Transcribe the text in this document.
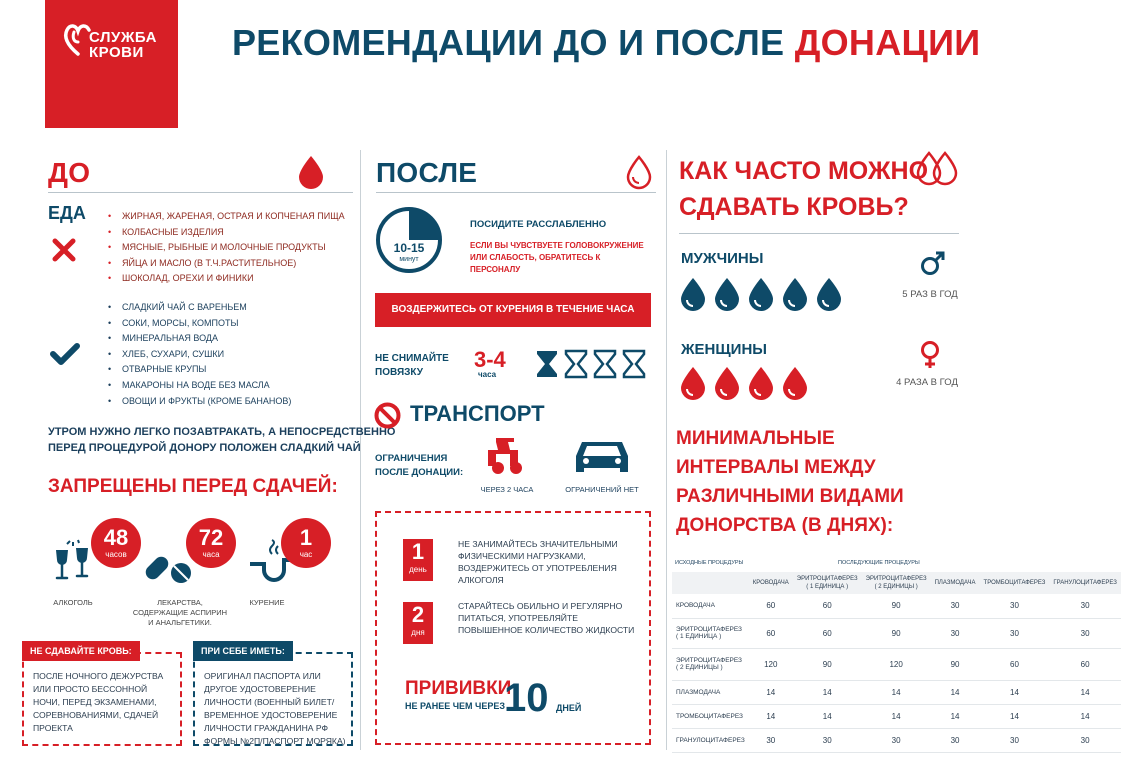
СЛУЖБА
КРОВИ	РЕКОМЕНДАЦИИ ДО И ПОСЛЕ ДОНАЦИИ
ДО
ЕДА	• ЖИРНАЯ, ЖАРЕНАЯ, ОСТРАЯ И КОПЧЕНАЯ ПИЩА
• КОЛБАСНЫЕ ИЗДЕЛИЯ
• МЯСНЫЕ, РЫБНЫЕ И МОЛОЧНЫЕ ПРОДУКТЫ
• ЯЙЦА И МАСЛО (В Т.Ч.РАСТИТЕЛЬНОЕ)
• ШОКОЛАД, ОРЕХИ И ФИНИКИ
• СЛАДКИЙ ЧАЙ С ВАРЕНЬЕМ
• СОКИ, МОРСЫ, КОМПОТЫ
• МИНЕРАЛЬНАЯ ВОДА
• ХЛЕБ, СУХАРИ, СУШКИ
• ОТВАРНЫЕ КРУПЫ
• МАКАРОНЫ НА ВОДЕ БЕЗ МАСЛА
• ОВОЩИ И ФРУКТЫ (КРОМЕ БАНАНОВ)
УТРОМ НУЖНО ЛЕГКО ПОЗАВТРАКАТЬ, А НЕПОСРЕДСТВЕННО
ПЕРЕД ПРОЦЕДУРОЙ ДОНОРУ ПОЛОЖЕН СЛАДКИЙ ЧАЙ
ЗАПРЕЩЕНЫ ПЕРЕД СДАЧЕЙ:
48
часов
АЛКОГОЛЬ
72
часа
ЛЕКАРСТВА, СОДЕРЖАЩИЕ АСПИРИН И АНАЛЬГЕТИКИ.
1
час
КУРЕНИЕ
НЕ СДАВАЙТЕ КРОВЬ:
ПОСЛЕ НОЧНОГО ДЕЖУРСТВА ИЛИ ПРОСТО БЕССОННОЙ НОЧИ, ПЕРЕД ЭКЗАМЕНАМИ, СОРЕВНОВАНИЯМИ, СДАЧЕЙ ПРОЕКТА
ПРИ СЕБЕ ИМЕТЬ:
ОРИГИНАЛ ПАСПОРТА ИЛИ ДРУГОЕ УДОСТОВЕРЕНИЕ ЛИЧНОСТИ (ВОЕННЫЙ БИЛЕТ/ ВРЕМЕННОЕ УДОСТОВЕРЕНИЕ ЛИЧНОСТИ ГРАЖДАНИНА РФ ФОРМЫ №2П/ПАСПОРТ МОРЯКА)
ПОСЛЕ
10-15
минут
ПОСИДИТЕ РАССЛАБЛЕННО
ЕСЛИ ВЫ ЧУВСТВУЕТЕ ГОЛОВОКРУЖЕНИЕ ИЛИ СЛАБОСТЬ, ОБРАТИТЕСЬ К ПЕРСОНАЛУ
ВОЗДЕРЖИТЕСЬ ОТ КУРЕНИЯ В ТЕЧЕНИЕ ЧАСА
НЕ СНИМАЙТЕ
ПОВЯЗКУ
3-4
часа
ТРАНСПОРТ
ОГРАНИЧЕНИЯ
ПОСЛЕ ДОНАЦИИ:
ЧЕРЕЗ 2 ЧАСА	ОГРАНИЧЕНИЙ НЕТ
1
день
НЕ ЗАНИМАЙТЕСЬ ЗНАЧИТЕЛЬНЫМИ ФИЗИЧЕСКИМИ НАГРУЗКАМИ, ВОЗДЕРЖИТЕСЬ ОТ УПОТРЕБЛЕНИЯ АЛКОГОЛЯ
2
дня
СТАРАЙТЕСЬ ОБИЛЬНО И РЕГУЛЯРНО ПИТАТЬСЯ, УПОТРЕБЛЯЙТЕ ПОВЫШЕННОЕ КОЛИЧЕСТВО ЖИДКОСТИ
ПРИВИВКИ
НЕ РАНЕЕ ЧЕМ ЧЕРЕЗ
10 ДНЕЙ
КАК ЧАСТО МОЖНО
СДАВАТЬ КРОВЬ?
МУЖЧИНЫ
5 РАЗ В ГОД
ЖЕНЩИНЫ
4 РАЗА В ГОД
МИНИМАЛЬНЫЕ
ИНТЕРВАЛЫ МЕЖДУ
РАЗЛИЧНЫМИ ВИДАМИ
ДОНОРСТВА (В ДНЯХ):
ИСХОДНЫЕ ПРОЦЕДУРЫ	ПОСЛЕДУЮЩИЕ ПРОЦЕДУРЫ
	КРОВОДАЧА	ЭРИТРОЦИТАФЕРЕЗ ( 1 ЕДИНИЦА )	ЭРИТРОЦИТАФЕРЕЗ ( 2 ЕДИНИЦЫ )	ПЛАЗМОДАЧА	ТРОМБОЦИТАФЕРЕЗ	ГРАНУЛОЦИТАФЕРЕЗ
КРОВОДАЧА	60	60	90	30	30	30
ЭРИТРОЦИТАФЕРЕЗ ( 1 ЕДИНИЦА )	60	60	90	30	30	30
ЭРИТРОЦИТАФЕРЕЗ ( 2 ЕДИНИЦЫ )	120	90	120	90	60	60
ПЛАЗМОДАЧА	14	14	14	14	14	14
ТРОМБОЦИТАФЕРЕЗ	14	14	14	14	14	14
ГРАНУЛОЦИТАФЕРЕЗ	30	30	30	30	30	30
